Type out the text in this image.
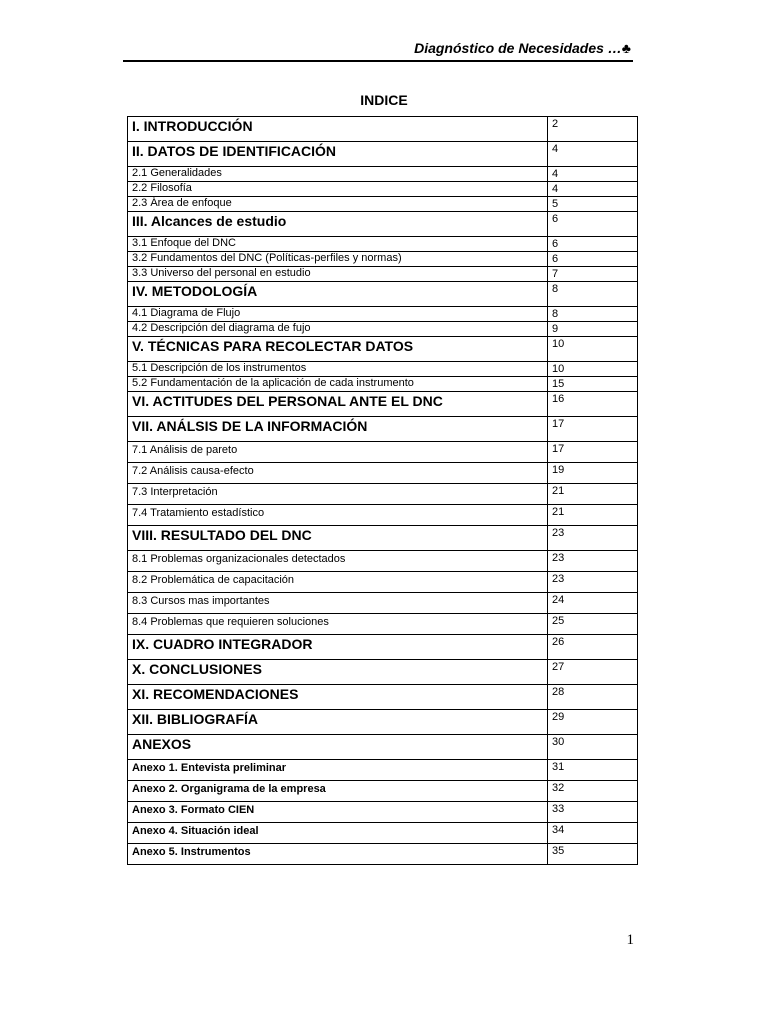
Diagnóstico de Necesidades …♣
INDICE
I. INTRODUCCIÓN	2
II. DATOS DE IDENTIFICACIÓN	4
2.1 Generalidades	4
2.2 Filosofía	4
2.3 Área de enfoque	5
III. Alcances de estudio	6
3.1 Enfoque del DNC	6
3.2 Fundamentos del DNC (Políticas-perfiles y normas)	6
3.3 Universo del personal en estudio	7
IV. METODOLOGÍA	8
4.1 Diagrama de Flujo	8
4.2 Descripción del diagrama de fujo	9
V. TÉCNICAS PARA RECOLECTAR DATOS	10
5.1 Descripción de los instrumentos	10
5.2 Fundamentación de la aplicación de cada instrumento	15
VI. ACTITUDES DEL PERSONAL ANTE EL DNC	16
VII. ANÁLSIS DE LA INFORMACIÓN	17
7.1 Análisis de pareto	17
7.2 Análisis causa-efecto	19
7.3 Interpretación	21
7.4 Tratamiento estadístico	21
VIII. RESULTADO DEL DNC	23
8.1 Problemas organizacionales detectados	23
8.2 Problemática de capacitación	23
8.3 Cursos mas importantes	24
8.4 Problemas que requieren soluciones	25
IX. CUADRO INTEGRADOR	26
X. CONCLUSIONES	27
XI. RECOMENDACIONES	28
XII. BIBLIOGRAFÍA	29
ANEXOS	30
Anexo 1. Entevista preliminar	31
Anexo 2. Organigrama de la empresa	32
Anexo 3. Formato CIEN	33
Anexo 4. Situación ideal	34
Anexo 5. Instrumentos	35
1
